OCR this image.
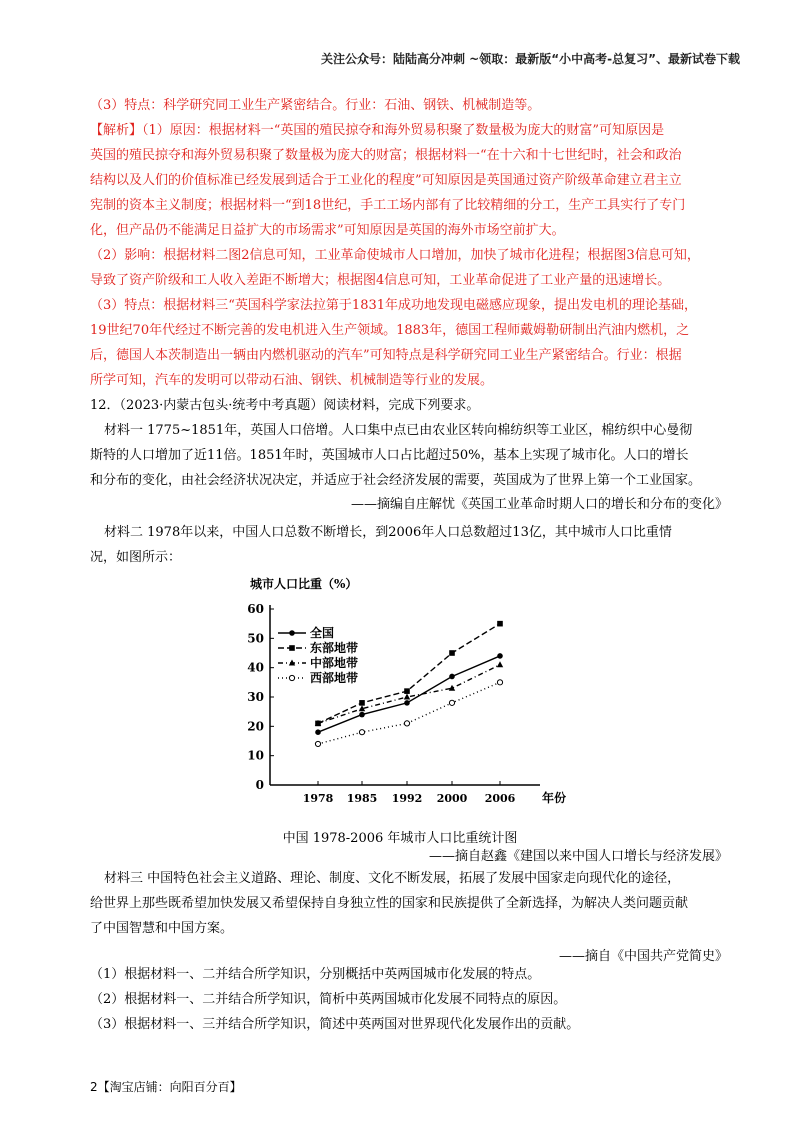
关注公众号：陆陆高分冲刺 ~领取：最新版“小中高考-总复习”、最新试卷下载
（3）特点：科学研究同工业生产紧密结合。行业：石油、钢铁、机械制造等。
【解析】（1）原因：根据材料一“英国的殖民掠夺和海外贸易积聚了数量极为庞大的财富”可知原因是
英国的殖民掠夺和海外贸易积聚了数量极为庞大的财富；根据材料一“在十六和十七世纪时，社会和政治
结构以及人们的价值标准已经发展到适合于工业化的程度”可知原因是英国通过资产阶级革命建立君主立
宪制的资本主义制度；根据材料一“到18世纪，手工工场内部有了比较精细的分工，生产工具实行了专门
化，但产品仍不能满足日益扩大的市场需求”可知原因是英国的海外市场空前扩大。
（2）影响：根据材料二图2信息可知，工业革命使城市人口增加，加快了城市化进程；根据图3信息可知，
导致了资产阶级和工人收入差距不断增大；根据图4信息可知，工业革命促进了工业产量的迅速增长。
（3）特点：根据材料三“英国科学家法拉第于1831年成功地发现电磁感应现象，提出发电机的理论基础，
19世纪70年代经过不断完善的发电机进入生产领域。1883年，德国工程师戴姆勒研制出汽油内燃机，之
后，德国人本茨制造出一辆由内燃机驱动的汽车”可知特点是科学研究同工业生产紧密结合。行业：根据
所学可知，汽车的发明可以带动石油、钢铁、机械制造等行业的发展。
12．（2023·内蒙古包头·统考中考真题）阅读材料，完成下列要求。
材料一 1775~1851年，英国人口倍增。人口集中点已由农业区转向棉纺织等工业区，棉纺织中心曼彻
斯特的人口增加了近11倍。1851年时，英国城市人口占比超过50%，基本上实现了城市化。人口的增长
和分布的变化，由社会经济状况决定，并适应于社会经济发展的需要，英国成为了世界上第一个工业国家。
——摘编自庄解忧《英国工业革命时期人口的增长和分布的变化》
材料二 1978年以来，中国人口总数不断增长，到2006年人口总数超过13亿，其中城市人口比重情
况，如图所示：
城市人口比重（%）
年份
0
10
20
30
40
50
60
1978 1985 1992 2000 2006
全国
东部地带
中部地带
西部地带
中国 1978-2006 年城市人口比重统计图
——摘自赵鑫《建国以来中国人口增长与经济发展》
材料三 中国特色社会主义道路、理论、制度、文化不断发展，拓展了发展中国家走向现代化的途径，
给世界上那些既希望加快发展又希望保持自身独立性的国家和民族提供了全新选择，为解决人类问题贡献
了中国智慧和中国方案。
——摘自《中国共产党简史》
（1）根据材料一、二并结合所学知识，分别概括中英两国城市化发展的特点。
（2）根据材料一、二并结合所学知识，简析中英两国城市化发展不同特点的原因。
（3）根据材料一、三并结合所学知识，简述中英两国对世界现代化发展作出的贡献。
2【淘宝店铺：向阳百分百】
